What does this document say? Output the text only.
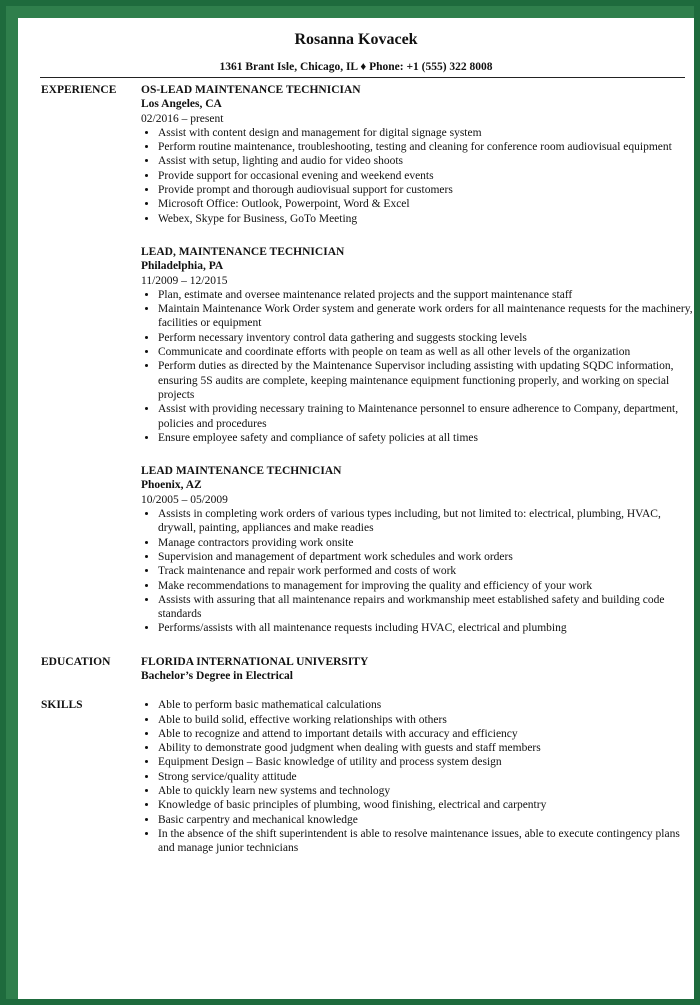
Rosanna Kovacek
1361 Brant Isle, Chicago, IL ♦ Phone: +1 (555) 322 8008
EXPERIENCE OS-LEAD MAINTENANCE TECHNICIAN
Los Angeles, CA
02/2016 – present
• Assist with content design and management for digital signage system
• Perform routine maintenance, troubleshooting, testing and cleaning for conference room audiovisual equipment
• Assist with setup, lighting and audio for video shoots
• Provide support for occasional evening and weekend events
• Provide prompt and thorough audiovisual support for customers
• Microsoft Office: Outlook, Powerpoint, Word & Excel
• Webex, Skype for Business, GoTo Meeting
LEAD, MAINTENANCE TECHNICIAN
Philadelphia, PA
11/2009 – 12/2015
• Plan, estimate and oversee maintenance related projects and the support maintenance staff
• Maintain Maintenance Work Order system and generate work orders for all maintenance requests for the machinery, facilities or equipment
• Perform necessary inventory control data gathering and suggests stocking levels
• Communicate and coordinate efforts with people on team as well as all other levels of the organization
• Perform duties as directed by the Maintenance Supervisor including assisting with updating SQDC information, ensuring 5S audits are complete, keeping maintenance equipment functioning properly, and working on special projects
• Assist with providing necessary training to Maintenance personnel to ensure adherence to Company, department, policies and procedures
• Ensure employee safety and compliance of safety policies at all times
LEAD MAINTENANCE TECHNICIAN
Phoenix, AZ
10/2005 – 05/2009
• Assists in completing work orders of various types including, but not limited to: electrical, plumbing, HVAC, drywall, painting, appliances and make readies
• Manage contractors providing work onsite
• Supervision and management of department work schedules and work orders
• Track maintenance and repair work performed and costs of work
• Make recommendations to management for improving the quality and efficiency of your work
• Assists with assuring that all maintenance repairs and workmanship meet established safety and building code standards
• Performs/assists with all maintenance requests including HVAC, electrical and plumbing
EDUCATION	FLORIDA INTERNATIONAL UNIVERSITY
Bachelor’s Degree in Electrical
SKILLS	• Able to perform basic mathematical calculations
• Able to build solid, effective working relationships with others
• Able to recognize and attend to important details with accuracy and efficiency
• Ability to demonstrate good judgment when dealing with guests and staff members
• Equipment Design – Basic knowledge of utility and process system design
• Strong service/quality attitude
• Able to quickly learn new systems and technology
• Knowledge of basic principles of plumbing, wood finishing, electrical and carpentry
• Basic carpentry and mechanical knowledge
• In the absence of the shift superintendent is able to resolve maintenance issues, able to execute contingency plans and manage junior technicians
